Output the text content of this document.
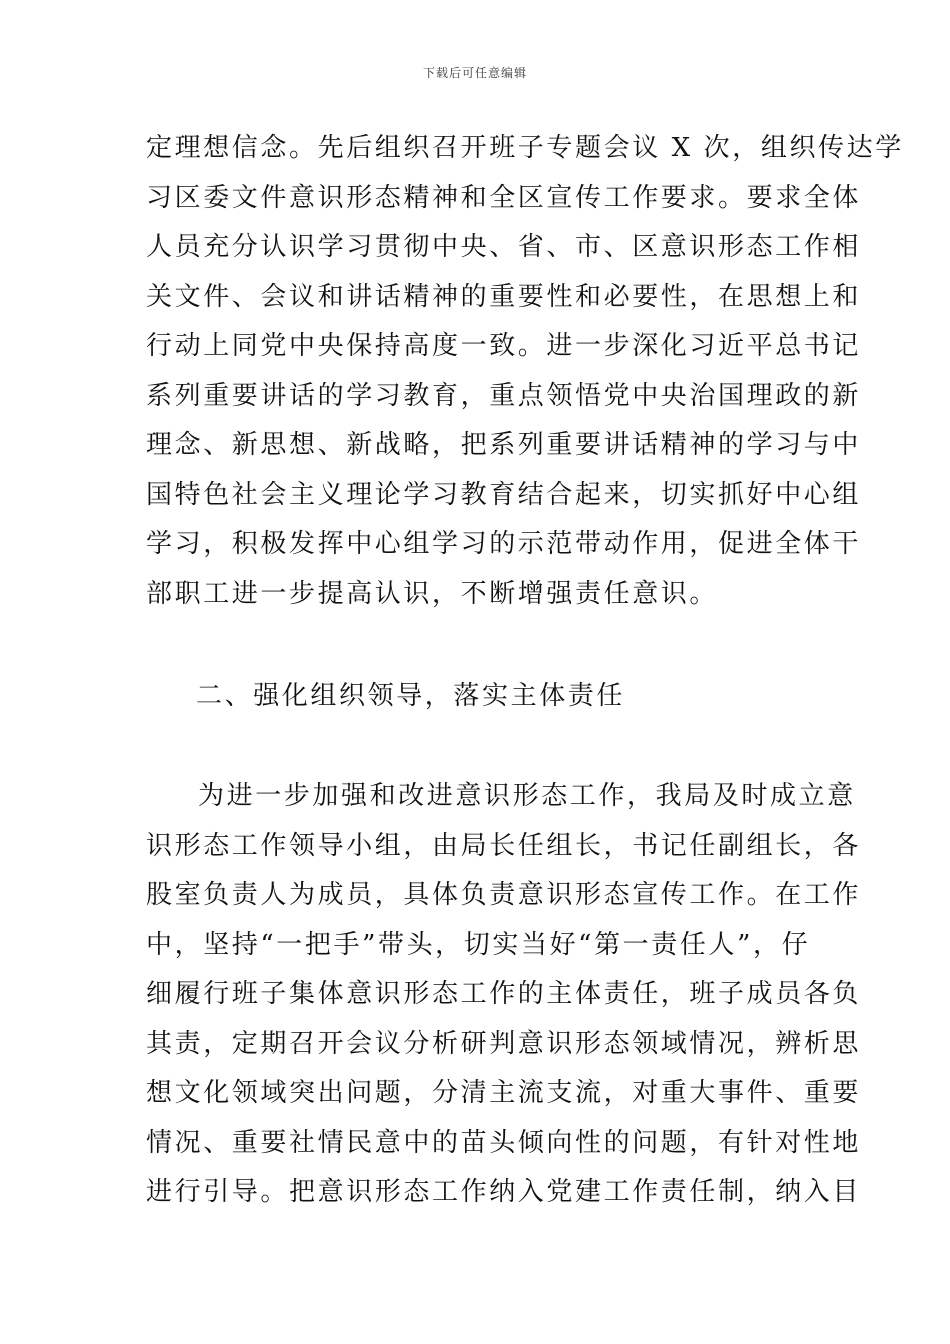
下载后可任意编辑
定理想信念。先后组织召开班子专题会议 X 次，组织传达学
习区委文件意识形态精神和全区宣传工作要求。要求全体
人员充分认识学习贯彻中央、省、市、区意识形态工作相
关文件、会议和讲话精神的重要性和必要性，在思想上和
行动上同党中央保持高度一致。进一步深化习近平总书记
系列重要讲话的学习教育，重点领悟党中央治国理政的新
理念、新思想、新战略，把系列重要讲话精神的学习与中
国特色社会主义理论学习教育结合起来，切实抓好中心组
学习，积极发挥中心组学习的示范带动作用，促进全体干
部职工进一步提高认识，不断增强责任意识。
二、强化组织领导，落实主体责任
为进一步加强和改进意识形态工作，我局及时成立意
识形态工作领导小组，由局长任组长，书记任副组长，各
股室负责人为成员，具体负责意识形态宣传工作。在工作
中，坚持“一把手”带头，切实当好“第一责任人”，仔
细履行班子集体意识形态工作的主体责任，班子成员各负
其责，定期召开会议分析研判意识形态领域情况，辨析思
想文化领域突出问题，分清主流支流，对重大事件、重要
情况、重要社情民意中的苗头倾向性的问题，有针对性地
进行引导。把意识形态工作纳入党建工作责任制，纳入目
